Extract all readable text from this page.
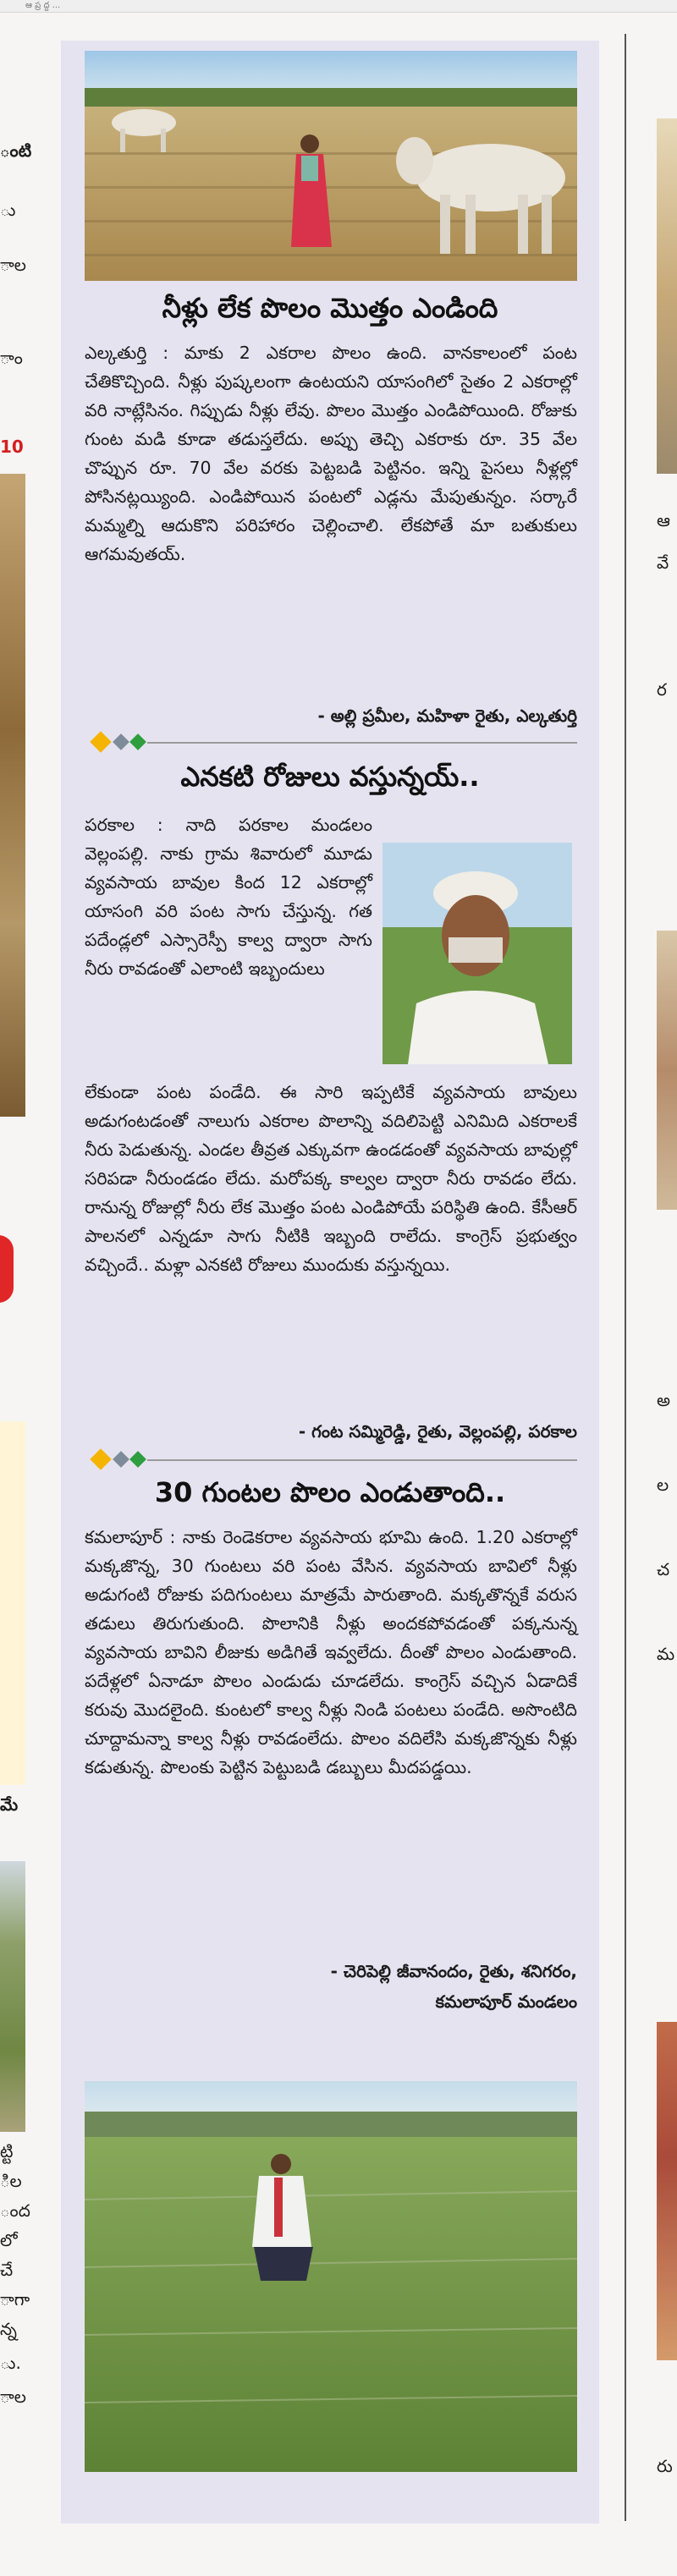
ఆ ప్ర ద్ద ...
ంటి
ు
ాల
ాం
10
మే
ట్టి
ిల
ంద
లో
చే
ాగా
న్న
ు.
ాల
నీళ్లు లేక పొలం మొత్తం ఎండింది

ఎల్కతుర్తి : మాకు 2 ఎకరాల పొలం ఉంది. వానకాలంలో పంట చేతికొచ్చింది. నీళ్లు పుష్కలంగా ఉంటయని యాసంగిలో సైతం 2 ఎకరాల్లో వరి నాట్లేసినం. గిప్పుడు నీళ్లు లేవు. పొలం మొత్తం ఎండిపోయింది. రోజుకు గుంట మడి కూడా తడుస్తలేదు. అప్పు తెచ్చి ఎకరాకు రూ. 35 వేల చొప్పున రూ. 70 వేల వరకు పెట్టబడి పెట్టినం. ఇన్ని పైసలు నీళ్లల్లో పోసినట్లయ్యింది. ఎండిపోయిన పంటలో ఎడ్లను మేపుతున్నం. సర్కారే మమ్మల్ని ఆదుకొని పరిహారం చెల్లించాలి. లేకపోతే మా బతుకులు ఆగమవుతయ్.

- అల్లి ప్రమీల, మహిళా రైతు, ఎల్కతుర్తి
ఎనకటి రోజులు వస్తున్నయ్..

పరకాల : నాది పరకాల మండలం వెల్లంపల్లి. నాకు గ్రామ శివారులో మూడు వ్యవసాయ బావుల కింద 12 ఎకరాల్లో యాసంగి వరి పంట సాగు చేస్తున్న. గత పదేండ్లలో ఎస్సారెస్పీ కాల్వ ద్వారా సాగు నీరు రావడంతో ఎలాంటి ఇబ్బందులు

లేకుండా పంట పండేది. ఈ సారి ఇప్పటికే వ్యవసాయ బావులు అడుగంటడంతో నాలుగు ఎకరాల పొలాన్ని వదిలిపెట్టి ఎనిమిది ఎకరాలకే నీరు పెడుతున్న. ఎండల తీవ్రత ఎక్కువగా ఉండడంతో వ్యవసాయ బావుల్లో సరిపడా నీరుండడం లేదు. మరోపక్క కాల్వల ద్వారా నీరు రావడం లేదు. రానున్న రోజుల్లో నీరు లేక మొత్తం పంట ఎండిపోయే పరిస్థితి ఉంది. కేసీఆర్ పాలనలో ఎన్నడూ సాగు నీటికి ఇబ్బంది రాలేదు. కాంగ్రెస్ ప్రభుత్వం వచ్చిందే.. మళ్లా ఎనకటి రోజులు ముందుకు వస్తున్నయి.

- గంట సమ్మిరెడ్డి, రైతు, వెల్లంపల్లి, పరకాల
30 గుంటల పొలం ఎండుతాంది..

కమలాపూర్ : నాకు రెండెకరాల వ్యవసాయ భూమి ఉంది. 1.20 ఎకరాల్లో మక్కజొన్న, 30 గుంటలు వరి పంట వేసిన. వ్యవసాయ బావిలో నీళ్లు అడుగంటి రోజుకు పదిగుంటలు మాత్రమే పారుతాంది. మక్కతొన్నకే వరుస తడులు తిరుగుతుంది. పొలానికి నీళ్లు అందకపోవడంతో పక్కనున్న వ్యవసాయ బావిని లీజుకు అడిగితే ఇవ్వలేదు. దీంతో పొలం ఎండుతాంది. పదేళ్లలో ఏనాడూ పొలం ఎండుడు చూడలేదు. కాంగ్రెస్ వచ్చిన ఏడాదికే కరువు మొదలైంది. కుంటలో కాల్వ నీళ్లు నిండి పంటలు పండేది. అసొంటిది చూద్దామన్నా కాల్వ నీళ్లు రావడంలేదు. పొలం వదిలేసి మక్కజొన్నకు నీళ్లు కడుతున్న. పొలంకు పెట్టిన పెట్టుబడి డబ్బులు మీదపడ్డయి.

- చెరిపెల్లి జీవానందం, రైతు, శనిగరం,
కమలాపూర్ మండలం
ఆ
వే
ర
అ
ల
చ
మ
రు
